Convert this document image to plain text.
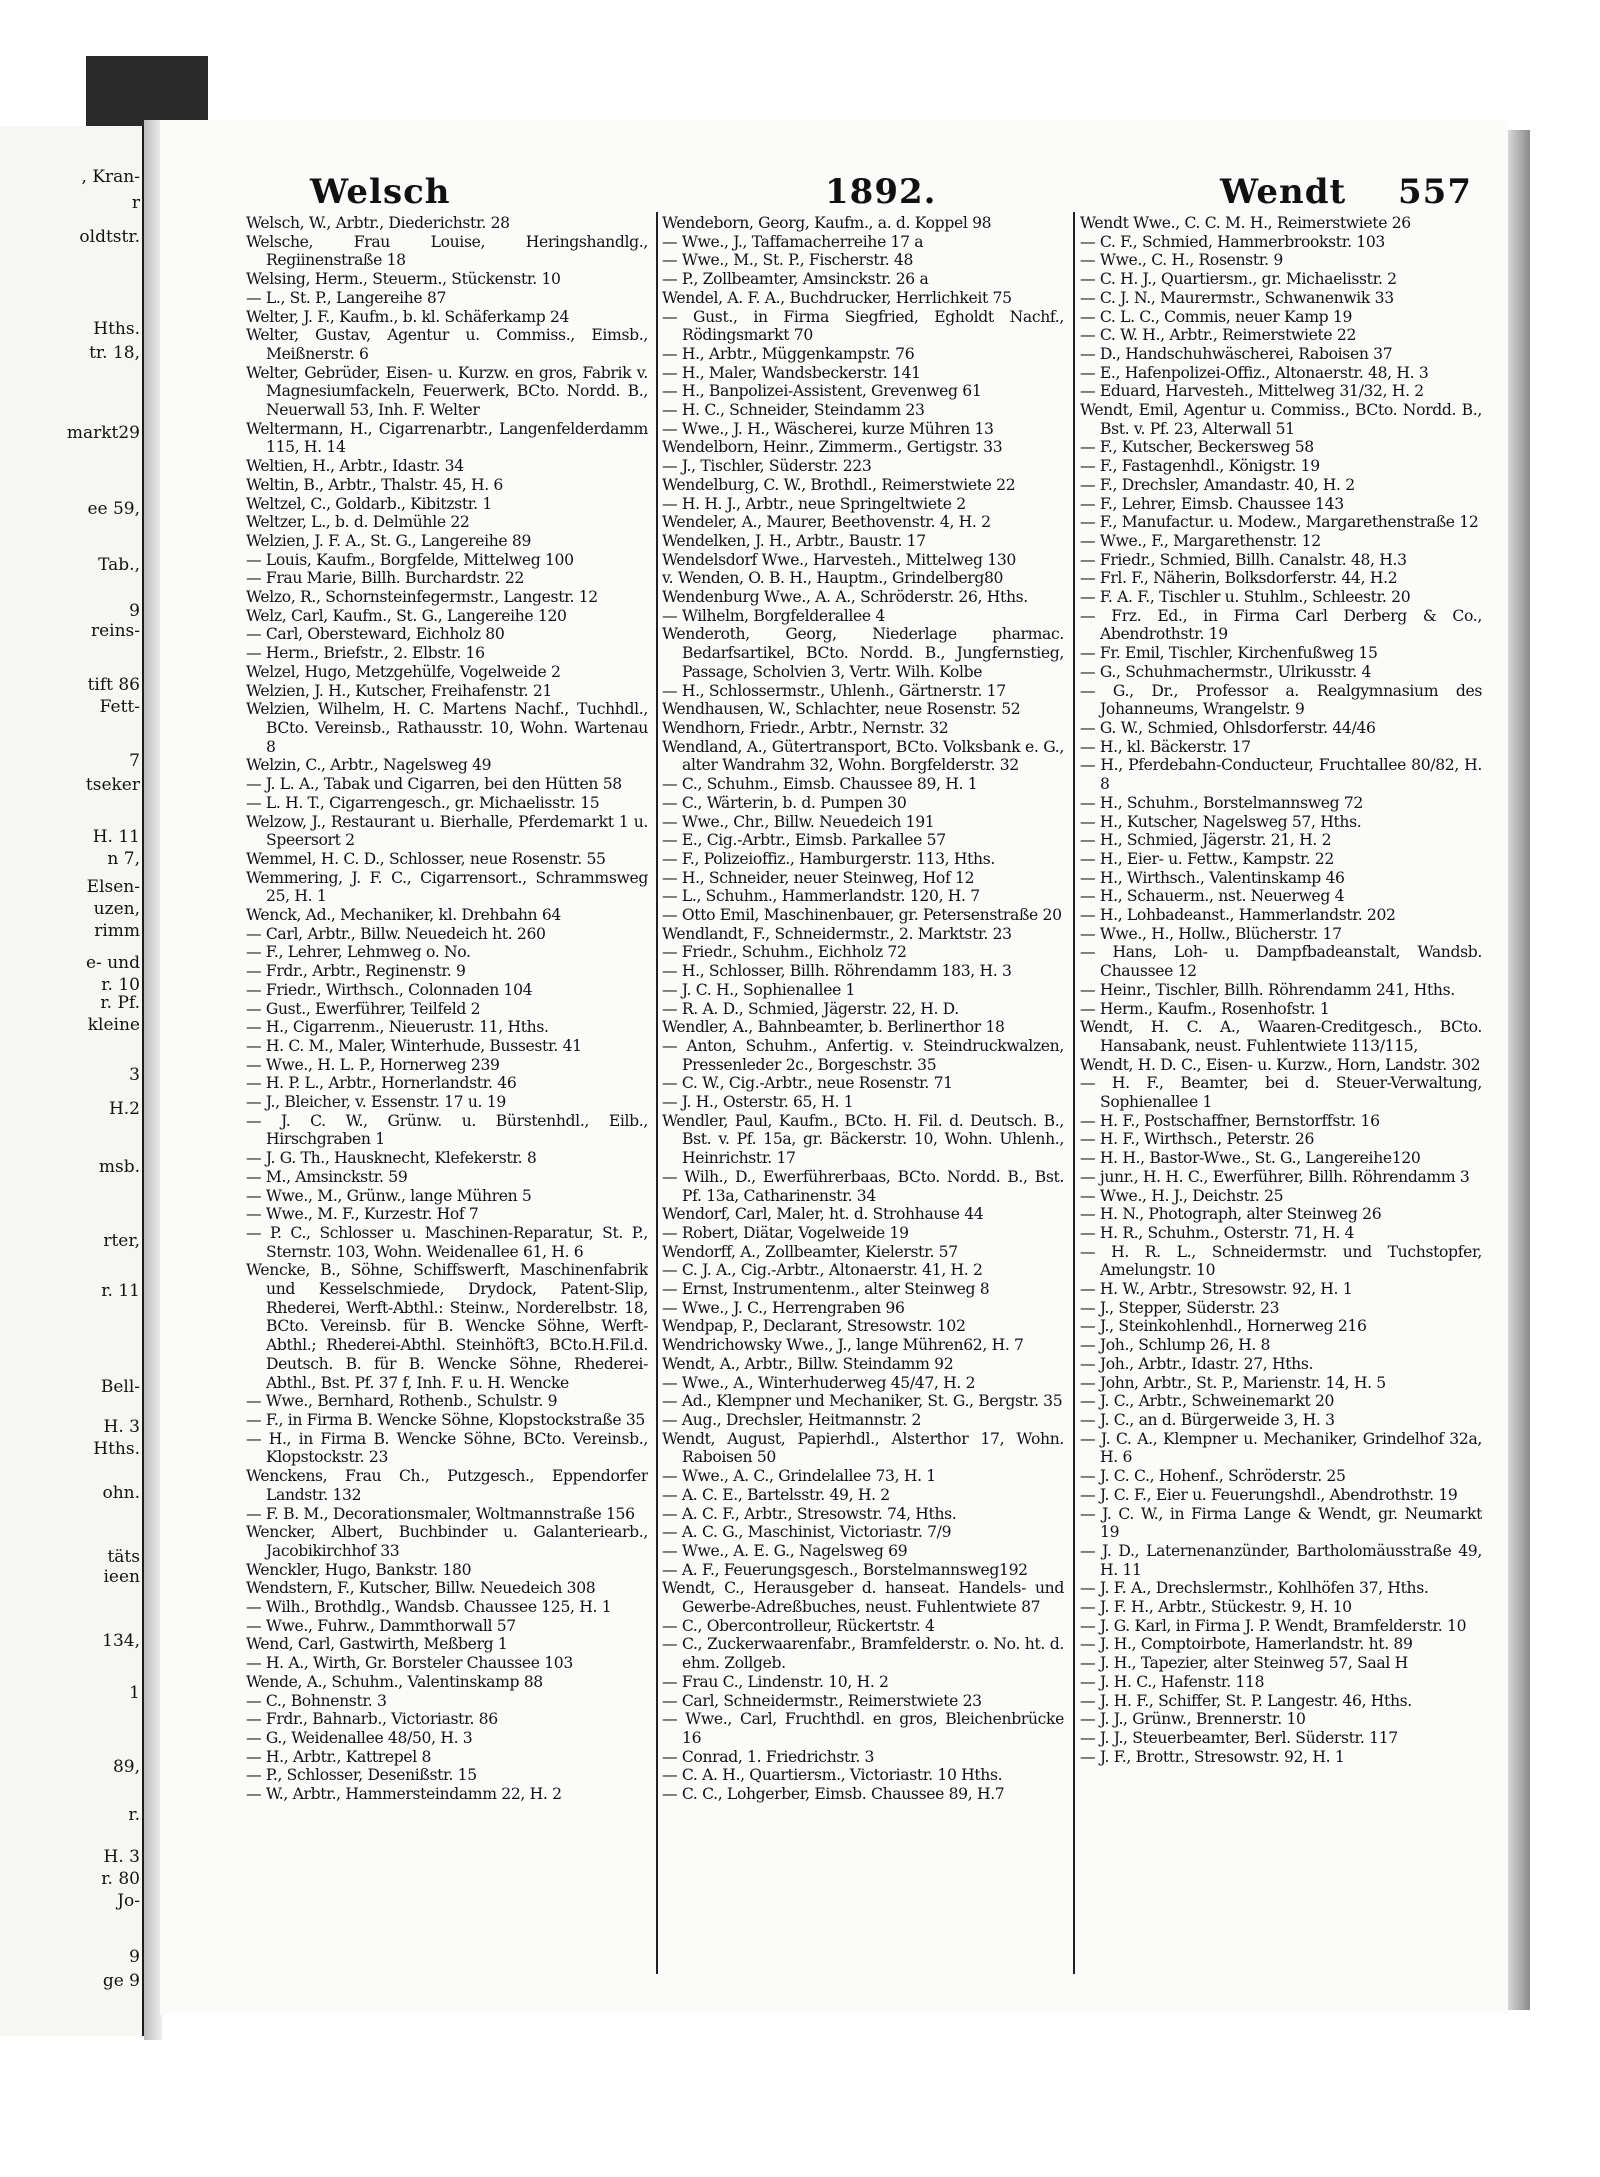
, Kran-
r
oldtstr.
Hths.
tr. 18,
markt29
ee 59,
Tab.,
9
reins-
tift 86
Fett-
7
tseker
H. 11
n 7,
Elsen-
uzen,
rimm
e- und
r. 10
r. Pf.
kleine
3
H.2
msb.
rter,
r. 11
Bell-
H. 3
Hths.
ohn.
täts
ieen
134,
1
89,
r.
H. 3
r. 80
Jo-
9
ge 9
Welsch	1892.	Wendt 557

Welsch, W., Arbtr., Diederichstr. 28

Welsche, Frau Louise, Heringshandlg., Regiinenstraße 18

Welsing, Herm., Steuerm., Stückenstr. 10

— L., St. P., Langereihe 87

Welter, J. F., Kaufm., b. kl. Schäferkamp 24

Welter, Gustav, Agentur u. Commiss., Eimsb., Meißnerstr. 6

Welter, Gebrüder, Eisen- u. Kurzw. en gros, Fabrik v. Magnesiumfackeln, Feuerwerk, BCto. Nordd. B., Neuerwall 53, Inh. F. Welter

Weltermann, H., Cigarrenarbtr., Langenfelderdamm 115, H. 14

Weltien, H., Arbtr., Idastr. 34

Weltin, B., Arbtr., Thalstr. 45, H. 6

Weltzel, C., Goldarb., Kibitzstr. 1

Weltzer, L., b. d. Delmühle 22

Welzien, J. F. A., St. G., Langereihe 89

— Louis, Kaufm., Borgfelde, Mittelweg 100

— Frau Marie, Billh. Burchardstr. 22

Welzo, R., Schornsteinfegermstr., Langestr. 12

Welz, Carl, Kaufm., St. G., Langereihe 120

— Carl, Obersteward, Eichholz 80

— Herm., Briefstr., 2. Elbstr. 16

Welzel, Hugo, Metzgehülfe, Vogelweide 2

Welzien, J. H., Kutscher, Freihafenstr. 21

Welzien, Wilhelm, H. C. Martens Nachf., Tuchhdl., BCto. Vereinsb., Rathausstr. 10, Wohn. Wartenau 8

Welzin, C., Arbtr., Nagelsweg 49

— J. L. A., Tabak und Cigarren, bei den Hütten 58

— L. H. T., Cigarrengesch., gr. Michaelisstr. 15

Welzow, J., Restaurant u. Bierhalle, Pferdemarkt 1 u. Speersort 2

Wemmel, H. C. D., Schlosser, neue Rosenstr. 55

Wemmering, J. F. C., Cigarrensort., Schrammsweg 25, H. 1

Wenck, Ad., Mechaniker, kl. Drehbahn 64

— Carl, Arbtr., Billw. Neuedeich ht. 260

— F., Lehrer, Lehmweg o. No.

— Frdr., Arbtr., Reginenstr. 9

— Friedr., Wirthsch., Colonnaden 104

— Gust., Ewerführer, Teilfeld 2

— H., Cigarrenm., Nieuerustr. 11, Hths.

— H. C. M., Maler, Winterhude, Bussestr. 41

— Wwe., H. L. P., Hornerweg 239

— H. P. L., Arbtr., Hornerlandstr. 46

— J., Bleicher, v. Essenstr. 17 u. 19

— J. C. W., Grünw. u. Bürstenhdl., Eilb., Hirschgraben 1

— J. G. Th., Hausknecht, Klefekerstr. 8

— M., Amsinckstr. 59

— Wwe., M., Grünw., lange Mühren 5

— Wwe., M. F., Kurzestr. Hof 7

— P. C., Schlosser u. Maschinen-Reparatur, St. P., Sternstr. 103, Wohn. Weidenallee 61, H. 6

Wencke, B., Söhne, Schiffswerft, Maschinenfabrik und Kesselschmiede, Drydock, Patent-Slip, Rhederei, Werft-Abthl.: Steinw., Norderelbstr. 18, BCto. Vereinsb. für B. Wencke Söhne, Werft-Abthl.; Rhederei-Abthl. Steinhöft3, BCto.H.Fil.d. Deutsch. B. für B. Wencke Söhne, Rhederei-Abthl., Bst. Pf. 37 f, Inh. F. u. H. Wencke

— Wwe., Bernhard, Rothenb., Schulstr. 9

— F., in Firma B. Wencke Söhne, Klopstockstraße 35

— H., in Firma B. Wencke Söhne, BCto. Vereinsb., Klopstockstr. 23

Wenckens, Frau Ch., Putzgesch., Eppendorfer Landstr. 132

— F. B. M., Decorationsmaler, Woltmannstraße 156

Wencker, Albert, Buchbinder u. Galanteriearb., Jacobikirchhof 33

Wenckler, Hugo, Bankstr. 180

Wendstern, F., Kutscher, Billw. Neuedeich 308

— Wilh., Brothdlg., Wandsb. Chaussee 125, H. 1

— Wwe., Fuhrw., Dammthorwall 57

Wend, Carl, Gastwirth, Meßberg 1

— H. A., Wirth, Gr. Borsteler Chaussee 103

Wende, A., Schuhm., Valentinskamp 88

— C., Bohnenstr. 3

— Frdr., Bahnarb., Victoriastr. 86

— G., Weidenallee 48/50, H. 3

— H., Arbtr., Kattrepel 8

— P., Schlosser, Desenißstr. 15

— W., Arbtr., Hammersteindamm 22, H. 2

Wendeborn, Georg, Kaufm., a. d. Koppel 98

— Wwe., J., Taffamacherreihe 17 a

— Wwe., M., St. P., Fischerstr. 48

— P., Zollbeamter, Amsinckstr. 26 a

Wendel, A. F. A., Buchdrucker, Herrlichkeit 75

— Gust., in Firma Siegfried, Egholdt Nachf., Rödingsmarkt 70

— H., Arbtr., Müggenkampstr. 76

— H., Maler, Wandsbeckerstr. 141

— H., Banpolizei-Assistent, Grevenweg 61

— H. C., Schneider, Steindamm 23

— Wwe., J. H., Wäscherei, kurze Mühren 13

Wendelborn, Heinr., Zimmerm., Gertigstr. 33

— J., Tischler, Süderstr. 223

Wendelburg, C. W., Brothdl., Reimerstwiete 22

— H. H. J., Arbtr., neue Springeltwiete 2

Wendeler, A., Maurer, Beethovenstr. 4, H. 2

Wendelken, J. H., Arbtr., Baustr. 17

Wendelsdorf Wwe., Harvesteh., Mittelweg 130

v. Wenden, O. B. H., Hauptm., Grindelberg80

Wendenburg Wwe., A. A., Schröderstr. 26, Hths.

— Wilhelm, Borgfelderallee 4

Wenderoth, Georg, Niederlage pharmac. Bedarfsartikel, BCto. Nordd. B., Jungfernstieg, Passage, Scholvien 3, Vertr. Wilh. Kolbe

— H., Schlossermstr., Uhlenh., Gärtnerstr. 17

Wendhausen, W., Schlachter, neue Rosenstr. 52

Wendhorn, Friedr., Arbtr., Nernstr. 32

Wendland, A., Gütertransport, BCto. Volksbank e. G., alter Wandrahm 32, Wohn. Borgfelderstr. 32

— C., Schuhm., Eimsb. Chaussee 89, H. 1

— C., Wärterin, b. d. Pumpen 30

— Wwe., Chr., Billw. Neuedeich 191

— E., Cig.-Arbtr., Eimsb. Parkallee 57

— F., Polizeioffiz., Hamburgerstr. 113, Hths.

— H., Schneider, neuer Steinweg, Hof 12

— L., Schuhm., Hammerlandstr. 120, H. 7

— Otto Emil, Maschinenbauer, gr. Petersenstraße 20

Wendlandt, F., Schneidermstr., 2. Marktstr. 23

— Friedr., Schuhm., Eichholz 72

— H., Schlosser, Billh. Röhrendamm 183, H. 3

— J. C. H., Sophienallee 1

— R. A. D., Schmied, Jägerstr. 22, H. D.

Wendler, A., Bahnbeamter, b. Berlinerthor 18

— Anton, Schuhm., Anfertig. v. Steindruckwalzen, Pressenleder 2c., Borgeschstr. 35

— C. W., Cig.-Arbtr., neue Rosenstr. 71

— J. H., Osterstr. 65, H. 1

Wendler, Paul, Kaufm., BCto. H. Fil. d. Deutsch. B., Bst. v. Pf. 15a, gr. Bäckerstr. 10, Wohn. Uhlenh., Heinrichstr. 17

— Wilh., D., Ewerführerbaas, BCto. Nordd. B., Bst. Pf. 13a, Catharinenstr. 34

Wendorf, Carl, Maler, ht. d. Strohhause 44

— Robert, Diätar, Vogelweide 19

Wendorff, A., Zollbeamter, Kielerstr. 57

— C. J. A., Cig.-Arbtr., Altonaerstr. 41, H. 2

— Ernst, Instrumentenm., alter Steinweg 8

— Wwe., J. C., Herrengraben 96

Wendpap, P., Declarant, Stresowstr. 102

Wendrichowsky Wwe., J., lange Mühren62, H. 7

Wendt, A., Arbtr., Billw. Steindamm 92

— Wwe., A., Winterhuderweg 45/47, H. 2

— Ad., Klempner und Mechaniker, St. G., Bergstr. 35

— Aug., Drechsler, Heitmannstr. 2

Wendt, August, Papierhdl., Alsterthor 17, Wohn. Raboisen 50

— Wwe., A. C., Grindelallee 73, H. 1

— A. C. E., Bartelsstr. 49, H. 2

— A. C. F., Arbtr., Stresowstr. 74, Hths.

— A. C. G., Maschinist, Victoriastr. 7/9

— Wwe., A. E. G., Nagelsweg 69

— A. F., Feuerungsgesch., Borstelmannsweg192

Wendt, C., Herausgeber d. hanseat. Handels- und Gewerbe-Adreßbuches, neust. Fuhlentwiete 87

— C., Obercontrolleur, Rückertstr. 4

— C., Zuckerwaarenfabr., Bramfelderstr. o. No. ht. d. ehm. Zollgeb.

— Frau C., Lindenstr. 10, H. 2

— Carl, Schneidermstr., Reimerstwiete 23

— Wwe., Carl, Fruchthdl. en gros, Bleichenbrücke 16

— Conrad, 1. Friedrichstr. 3

— C. A. H., Quartiersm., Victoriastr. 10 Hths.

— C. C., Lohgerber, Eimsb. Chaussee 89, H.7

Wendt Wwe., C. C. M. H., Reimerstwiete 26

— C. F., Schmied, Hammerbrookstr. 103

— Wwe., C. H., Rosenstr. 9

— C. H. J., Quartiersm., gr. Michaelisstr. 2

— C. J. N., Maurermstr., Schwanenwik 33

— C. L. C., Commis, neuer Kamp 19

— C. W. H., Arbtr., Reimerstwiete 22

— D., Handschuhwäscherei, Raboisen 37

— E., Hafenpolizei-Offiz., Altonaerstr. 48, H. 3

— Eduard, Harvesteh., Mittelweg 31/32, H. 2

Wendt, Emil, Agentur u. Commiss., BCto. Nordd. B., Bst. v. Pf. 23, Alterwall 51

— F., Kutscher, Beckersweg 58

— F., Fastagenhdl., Königstr. 19

— F., Drechsler, Amandastr. 40, H. 2

— F., Lehrer, Eimsb. Chaussee 143

— F., Manufactur. u. Modew., Margarethenstraße 12

— Wwe., F., Margarethenstr. 12

— Friedr., Schmied, Billh. Canalstr. 48, H.3

— Frl. F., Näherin, Bolksdorferstr. 44, H.2

— F. A. F., Tischler u. Stuhlm., Schleestr. 20

— Frz. Ed., in Firma Carl Derberg & Co., Abendrothstr. 19

— Fr. Emil, Tischler, Kirchenfußweg 15

— G., Schuhmachermstr., Ulrikusstr. 4

— G., Dr., Professor a. Realgymnasium des Johanneums, Wrangelstr. 9

— G. W., Schmied, Ohlsdorferstr. 44/46

— H., kl. Bäckerstr. 17

— H., Pferdebahn-Conducteur, Fruchtallee 80/82, H. 8

— H., Schuhm., Borstelmannsweg 72

— H., Kutscher, Nagelsweg 57, Hths.

— H., Schmied, Jägerstr. 21, H. 2

— H., Eier- u. Fettw., Kampstr. 22

— H., Wirthsch., Valentinskamp 46

— H., Schauerm., nst. Neuerweg 4

— H., Lohbadeanst., Hammerlandstr. 202

— Wwe., H., Hollw., Blücherstr. 17

— Hans, Loh- u. Dampfbadeanstalt, Wandsb. Chaussee 12

— Heinr., Tischler, Billh. Röhrendamm 241, Hths.

— Herm., Kaufm., Rosenhofstr. 1

Wendt, H. C. A., Waaren-Creditgesch., BCto. Hansabank, neust. Fuhlentwiete 113/115,

Wendt, H. D. C., Eisen- u. Kurzw., Horn, Landstr. 302

— H. F., Beamter, bei d. Steuer-Verwaltung, Sophienallee 1

— H. F., Postschaffner, Bernstorffstr. 16

— H. F., Wirthsch., Peterstr. 26

— H. H., Bastor-Wwe., St. G., Langereihe120

— junr., H. H. C., Ewerführer, Billh. Röhrendamm 3

— Wwe., H. J., Deichstr. 25

— H. N., Photograph, alter Steinweg 26

— H. R., Schuhm., Osterstr. 71, H. 4

— H. R. L., Schneidermstr. und Tuchstopfer, Amelungstr. 10

— H. W., Arbtr., Stresowstr. 92, H. 1

— J., Stepper, Süderstr. 23

— J., Steinkohlenhdl., Hornerweg 216

— Joh., Schlump 26, H. 8

— Joh., Arbtr., Idastr. 27, Hths.

— John, Arbtr., St. P., Marienstr. 14, H. 5

— J. C., Arbtr., Schweinemarkt 20

— J. C., an d. Bürgerweide 3, H. 3

— J. C. A., Klempner u. Mechaniker, Grindelhof 32a, H. 6

— J. C. C., Hohenf., Schröderstr. 25

— J. C. F., Eier u. Feuerungshdl., Abendrothstr. 19

— J. C. W., in Firma Lange & Wendt, gr. Neumarkt 19

— J. D., Laternenanzünder, Bartholomäusstraße 49, H. 11

— J. F. A., Drechslermstr., Kohlhöfen 37, Hths.

— J. F. H., Arbtr., Stückestr. 9, H. 10

— J. G. Karl, in Firma J. P. Wendt, Bramfelderstr. 10

— J. H., Comptoirbote, Hamerlandstr. ht. 89

— J. H., Tapezier, alter Steinweg 57, Saal H

— J. H. C., Hafenstr. 118

— J. H. F., Schiffer, St. P. Langestr. 46, Hths.

— J. J., Grünw., Brennerstr. 10

— J. J., Steuerbeamter, Berl. Süderstr. 117

— J. F., Brottr., Stresowstr. 92, H. 1
